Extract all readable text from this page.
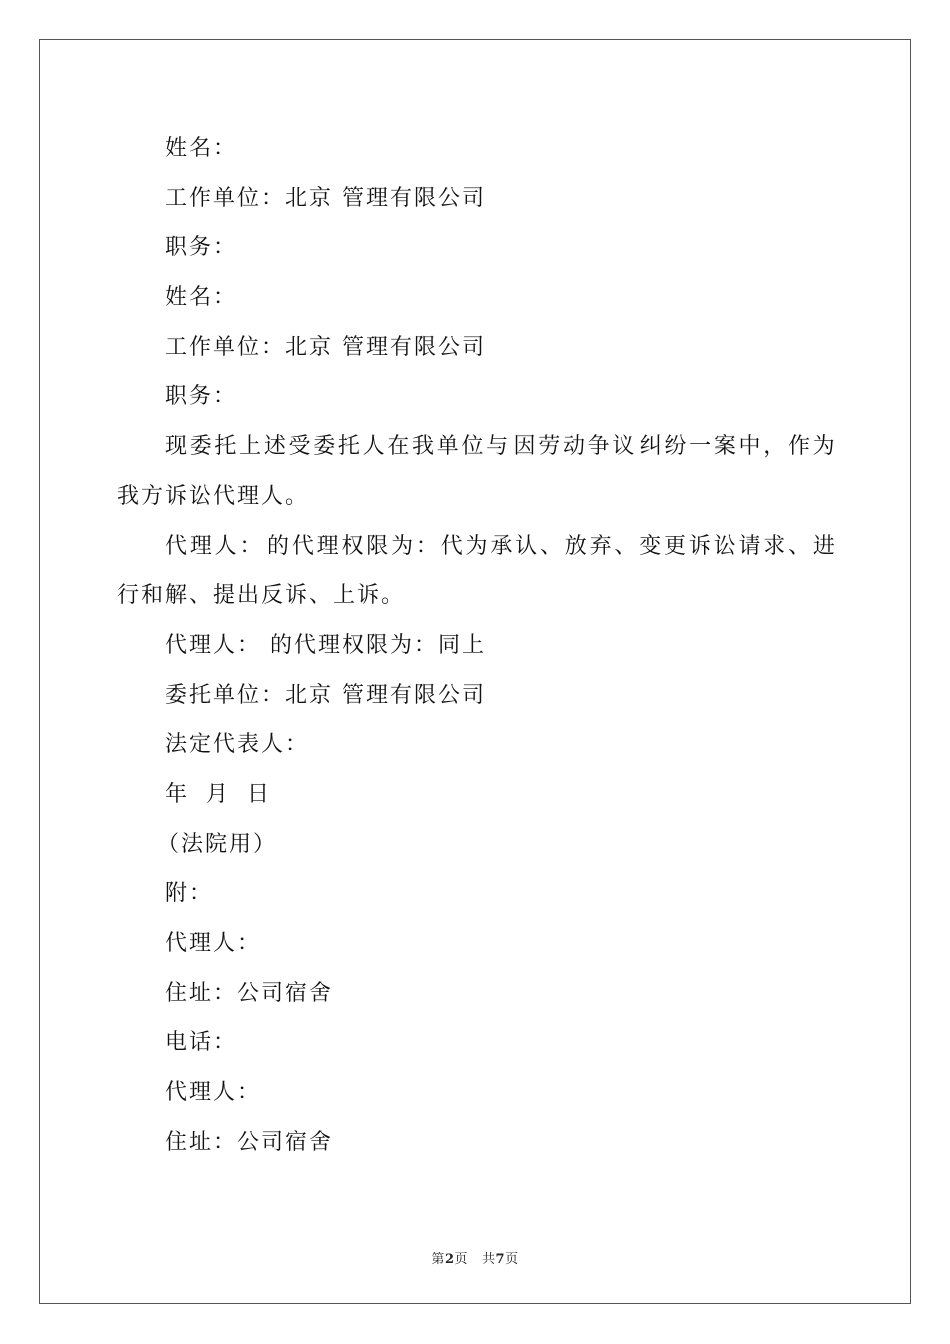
姓名：
工作单位：北京 管理有限公司
职务：
姓名：
工作单位：北京 管理有限公司
职务：
现 委 托 上 述 受 委 托 人 在 我 单 位 与 因 劳 动 争 议 纠 纷 一 案 中 ， 作 为
我方诉讼代理人。
代 理 人 ： 的 代 理 权 限 为 ： 代 为 承 认 、 放 弃 、 变 更 诉 讼 请 求 、 进
行和解、提出反诉、上诉。
代理人： 的代理权限为：同上
委托单位：北京 管理有限公司
法定代表人：
年 月 日
（法院用）
附：
代理人：
住址：公司宿舍
电话：
代理人：
住址：公司宿舍
第2页 共7页
